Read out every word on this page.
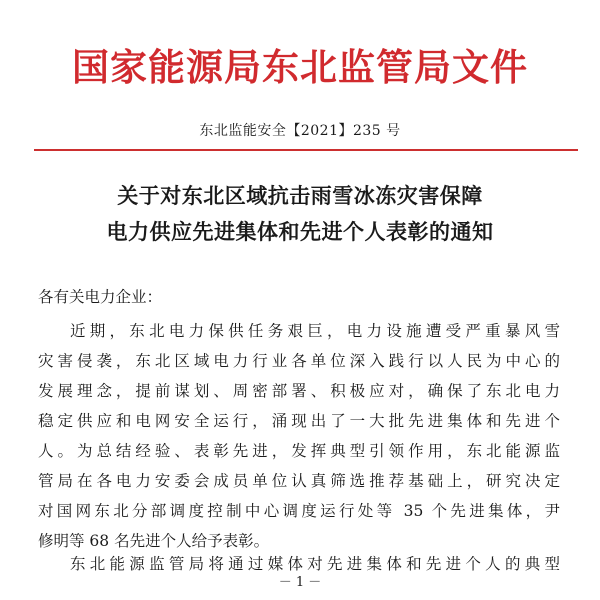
国家能源局东北监管局文件
东北监能安全【2021】235 号
关于对东北区域抗击雨雪冰冻灾害保障
电力供应先进集体和先进个人表彰的通知
各有关电力企业：
近期，东北电力保供任务艰巨，电力设施遭受严重暴风雪
灾害侵袭，东北区域电力行业各单位深入践行以人民为中心的
发展理念，提前谋划、周密部署、积极应对，确保了东北电力
稳定供应和电网安全运行，涌现出了一大批先进集体和先进个
人。为总结经验、表彰先进，发挥典型引领作用，东北能源监
管局在各电力安委会成员单位认真筛选推荐基础上，研究决定
对国网东北分部调度控制中心调度运行处等 35 个先进集体，尹
修明等 68 名先进个人给予表彰。
东北能源监管局将通过媒体对先进集体和先进个人的典型
－ 1 －
